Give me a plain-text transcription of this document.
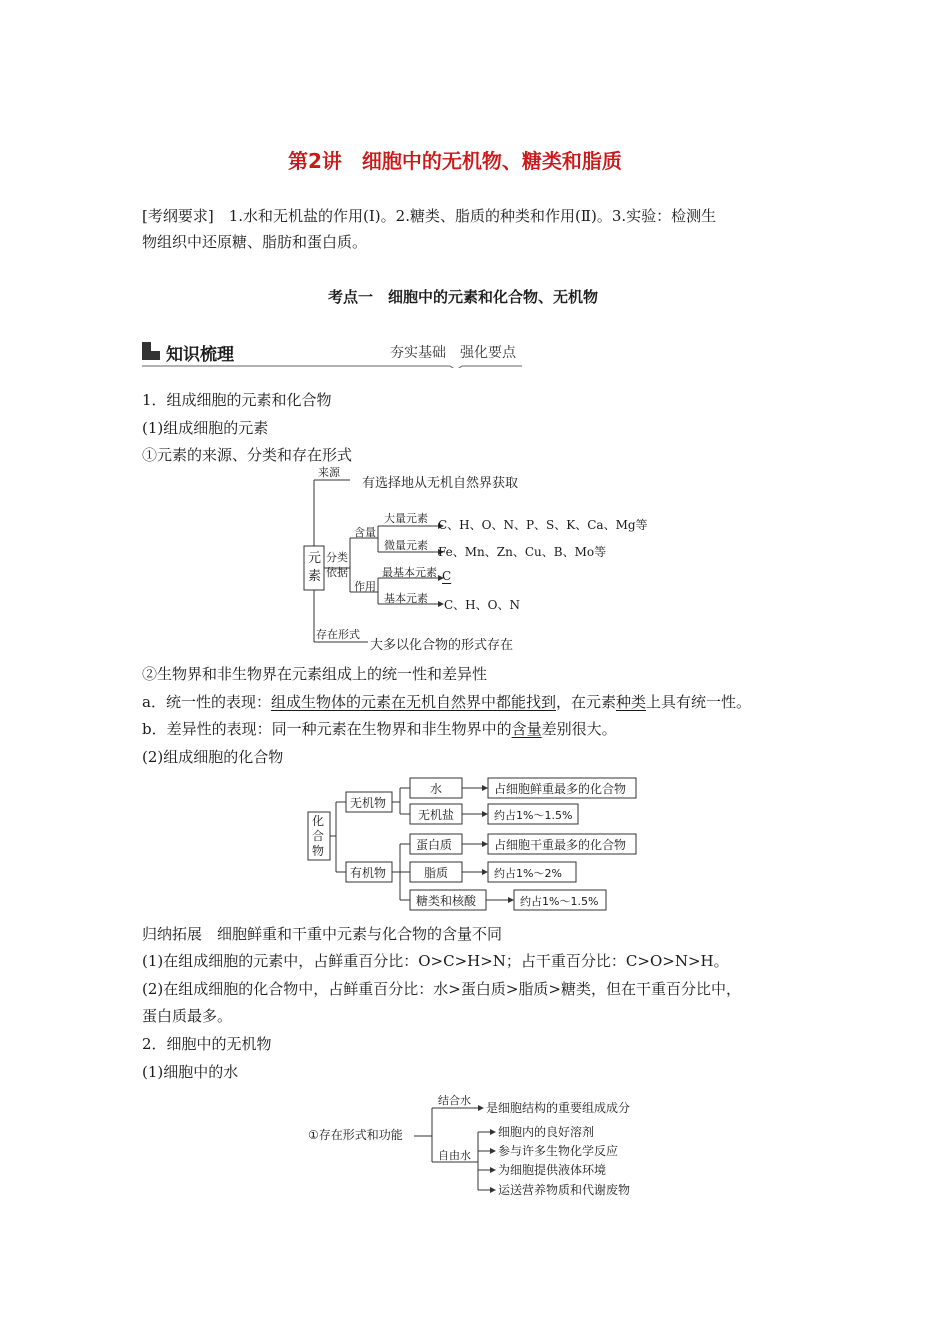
第2讲　细胞中的无机物、糖类和脂质
[考纲要求]　1.水和无机盐的作用(Ⅰ)。2.糖类、脂质的种类和作用(Ⅱ)。3.实验：检测生
物组织中还原糖、脂肪和蛋白质。
考点一　细胞中的元素和化合物、无机物
知识梳理	夯实基础　强化要点
1．组成细胞的元素和化合物
(1)组成细胞的元素
①元素的来源、分类和存在形式
元
素
来源
有选择地从无机自然界获取
分类
依据
含量
大量元素 C、H、O、N、P、S、K、Ca、Mg等
微量元素 Fe、Mn、Zn、Cu、B、Mo等
作用
最基本元素 C
基本元素 C、H、O、N
存在形式
大多以化合物的形式存在
②生物界和非生物界在元素组成上的统一性和差异性
a．统一性的表现：组成生物体的元素在无机自然界中都能找到，在元素种类上具有统一性。
b．差异性的表现：同一种元素在生物界和非生物界中的含量差别很大。
(2)组成细胞的化合物
化
合
物
无机物
有机物
水
无机盐
蛋白质
脂质
糖类和核酸
占细胞鲜重最多的化合物
约占1%～1.5%
占细胞干重最多的化合物
约占1%～2%
约占1%～1.5%
归纳拓展　细胞鲜重和干重中元素与化合物的含量不同
(1)在组成细胞的元素中，占鲜重百分比：O>C>H>N；占干重百分比：C>O>N>H。
(2)在组成细胞的化合物中，占鲜重百分比：水>蛋白质>脂质>糖类，但在干重百分比中，
蛋白质最多。
2．细胞中的无机物
(1)细胞中的水
①存在形式和功能
结合水
是细胞结构的重要组成成分
自由水
细胞内的良好溶剂
参与许多生物化学反应
为细胞提供液体环境
运送营养物质和代谢废物
